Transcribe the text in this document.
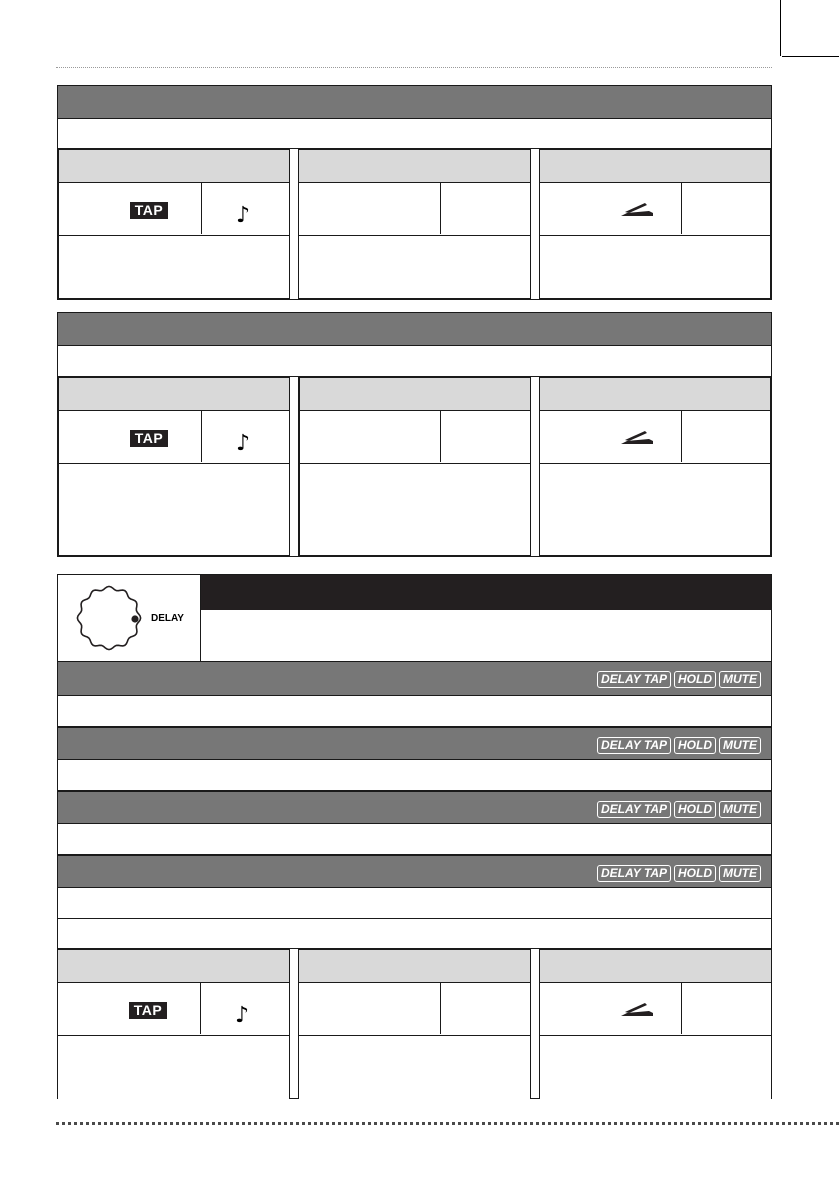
TAP	♪
TAP	♪
DELAY
DELAY TAP HOLD MUTE
DELAY TAP HOLD MUTE
DELAY TAP HOLD MUTE
DELAY TAP HOLD MUTE
TAP	♪
